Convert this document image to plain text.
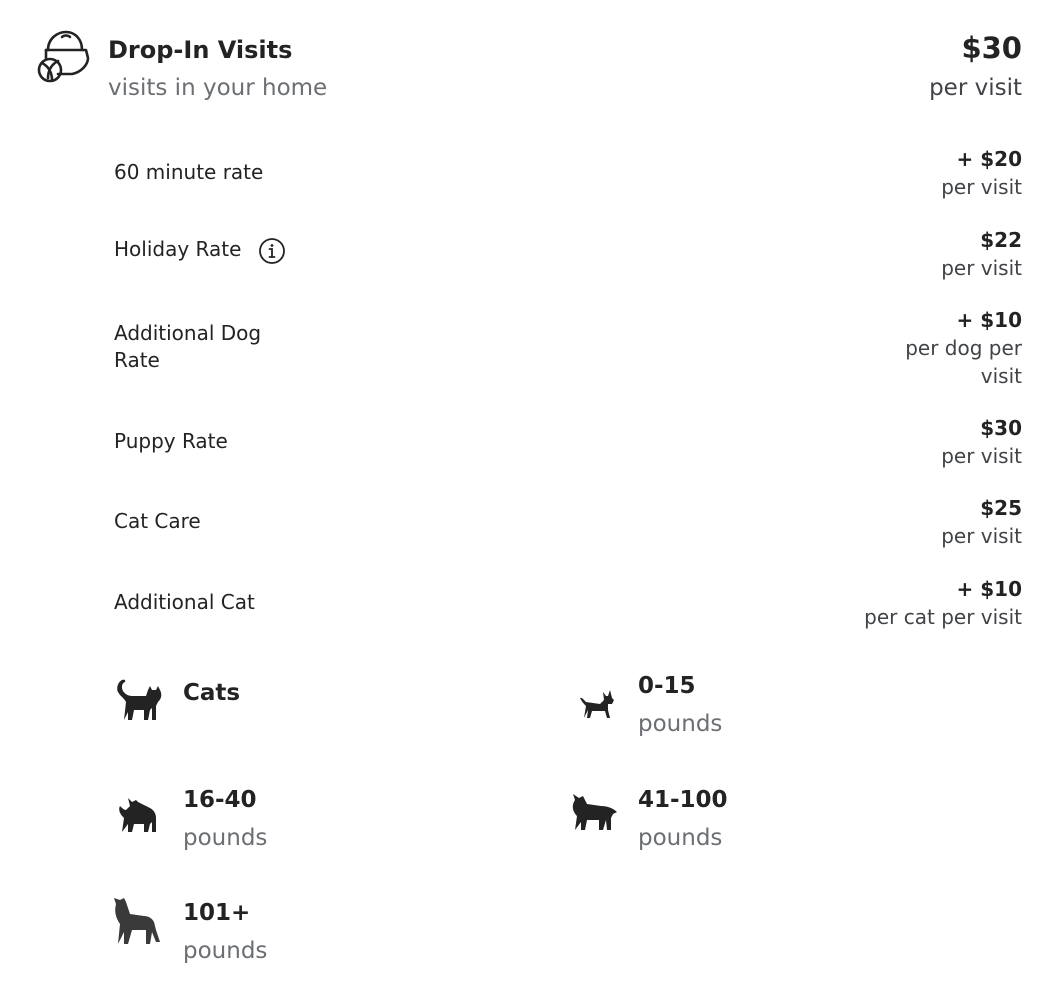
Drop-In Visits
visits in your home
$30
per visit
60 minute rate
+ $20
per visit
Holiday Rate	$22
per visit
Additional Dog
Rate
+ $10
per dog per
visit
Puppy Rate
$30
per visit
Cat Care
$25
per visit
Additional Cat
+ $10
per cat per visit
Cats	0-15
pounds
16-40
pounds
41-100
pounds
101+
pounds
